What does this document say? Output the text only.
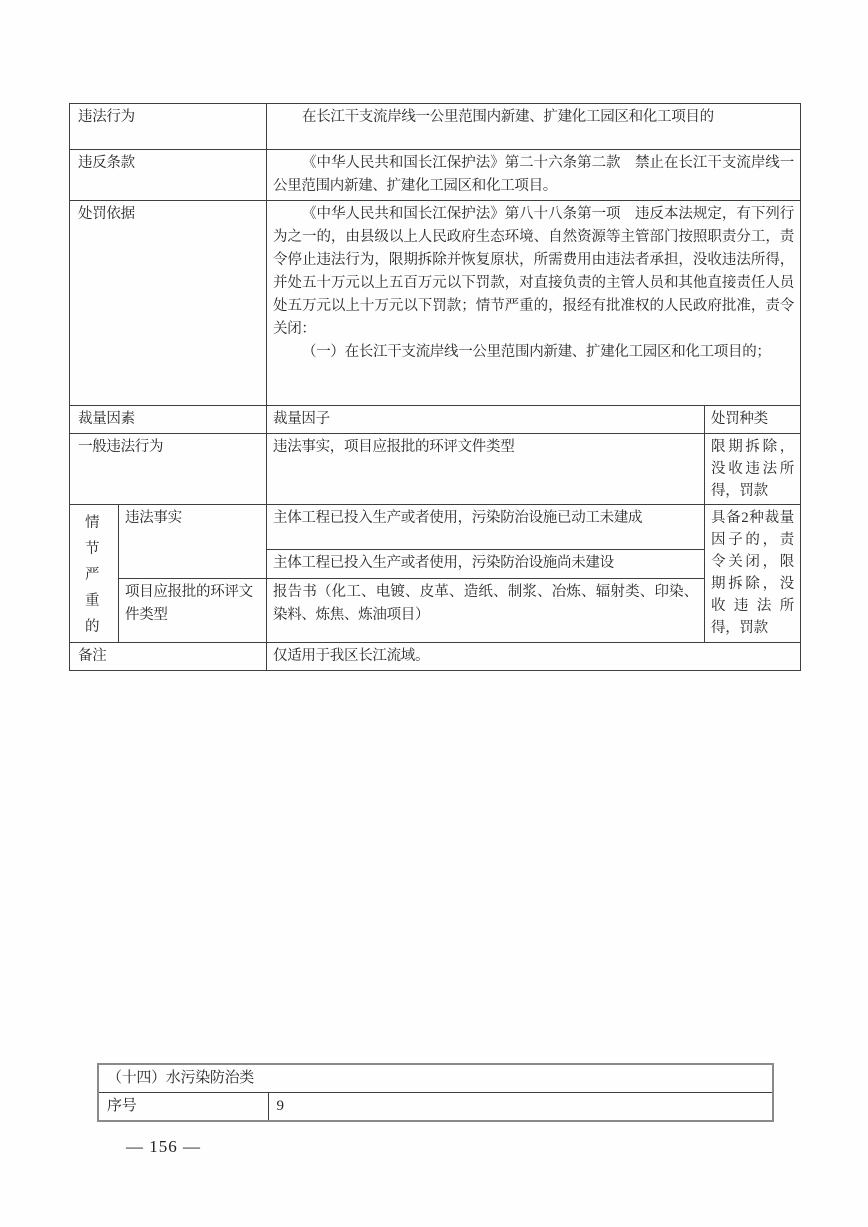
违法行为		在长江干支流岸线一公里范围内新建、扩建化工园区和化工项目的	

违反条款		《中华人民共和国长江保护法》第二十六条第二款　禁止在长江干支流岸线一公里范围内新建、扩建化工园区和化工项目。	

处罚依据		《中华人民共和国长江保护法》第八十八条第一项　违反本法规定，有下列行为之一的，由县级以上人民政府生态环境、自然资源等主管部门按照职责分工，责令停止违法行为，限期拆除并恢复原状，所需费用由违法者承担，没收违法所得，并处五十万元以上五百万元以下罚款，对直接负责的主管人员和其他直接责任人员处五万元以上十万元以下罚款；情节严重的，报经有批准权的人民政府批准，责令关闭：

（一）在长江干支流岸线一公里范围内新建、扩建化工园区和化工项目的；	

裁量因素		裁量因子	处罚种类
一般违法行为		违法事实，项目应报批的环评文件类型	限期拆除，没收违法所得，罚款

情节严重的	违法事实	主体工程已投入生产或者使用，污染防治设施已动工未建成	具备2种裁量因子的，责令关闭，限期拆除，没收违法所得，罚款

		主体工程已投入生产或者使用，污染防治设施尚未建设	

	项目应报批的环评文件类型	报告书（化工、电镀、皮革、造纸、制浆、冶炼、辐射类、印染、染料、炼焦、炼油项目）	

备注		仅适用于我区长江流域。	

（十四）水污染防治类
序号	9
— 156 —
